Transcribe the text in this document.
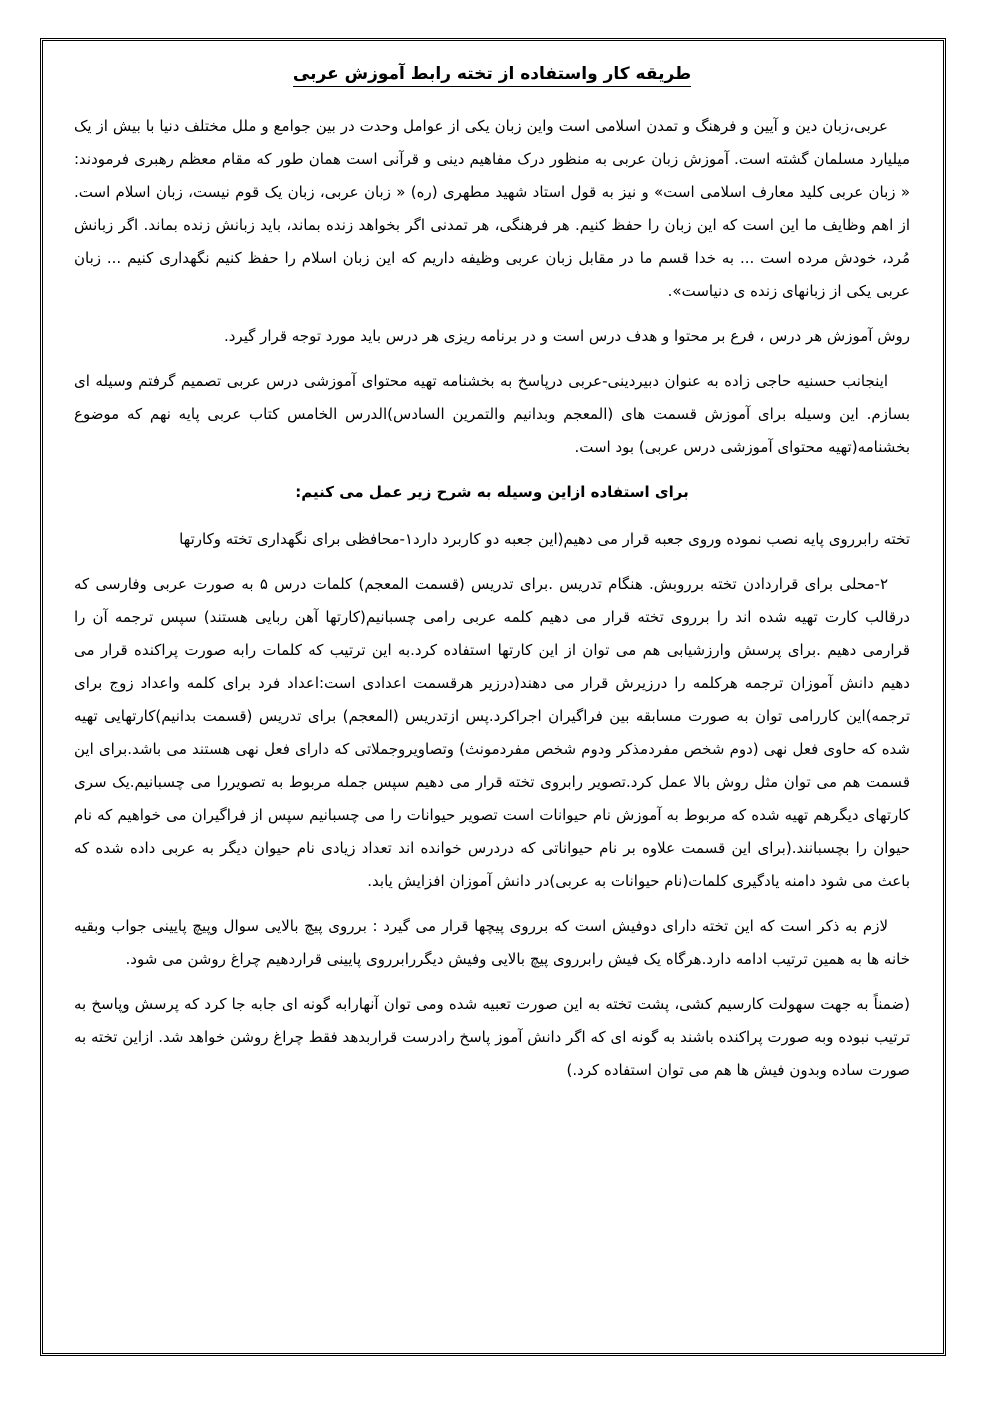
طریقه کار واستفاده از تخته رابط آموزش عربی

عربی،زبان دین و آیین و فرهنگ و تمدن اسلامی است واین زبان یکی از عوامل وحدت در بین جوامع و ملل مختلف دنیا با بیش از یک میلیارد مسلمان گشته است. آموزش زبان عربی به منظور درک مفاهیم دینی و قرآنی است همان طور که مقام معظم رهبری فرمودند: « زبان عربی کلید معارف اسلامی است» و نیز به قول استاد شهید مطهری (ره) « زبان عربی، زبان یک قوم نیست، زبان اسلام است. از اهم وظایف ما این است که این زبان را حفظ کنیم. هر فرهنگی، هر تمدنی اگر بخواهد زنده بماند، باید زبانش زنده بماند. اگر زبانش مُرد، خودش مرده است ... به خدا قسم ما در مقابل زبان عربی وظیفه داریم که این زبان اسلام را حفظ کنیم نگهداری کنیم ... زبان عربی یکی از زبانهای زنده ی دنیاست».

روش آموزش هر درس ، فرع بر محتوا و هدف درس است و در برنامه ریزی هر درس باید مورد توجه قرار گیرد.

اینجانب حسنیه حاجی زاده به عنوان دبیردینی-عربی درپاسخ به بخشنامه تهیه محتوای آموزشی درس عربی تصمیم گرفتم وسیله ای بسازم. این وسیله برای آموزش قسمت های (المعجم وبدانیم والتمرین السادس)الدرس الخامس کتاب عربی پایه نهم که موضوع بخشنامه(تهیه محتوای آموزشی درس عربی) بود است.

برای استفاده ازاین وسیله به شرح زیر عمل می کنیم:

تخته رابرروی پایه نصب نموده وروی جعبه قرار می دهیم(این جعبه دو کاربرد دارد۱-محافظی برای نگهداری تخته وکارتها

۲-محلی برای قراردادن تخته برروبش. هنگام تدریس .برای تدریس (قسمت المعجم) کلمات درس ۵ به صورت عربی وفارسی که درقالب کارت تهیه شده اند را برروی تخته قرار می دهیم کلمه عربی رامی چسبانیم(کارتها آهن ربایی هستند) سپس ترجمه آن را قرارمی دهیم .برای پرسش وارزشیابی هم می توان از این کارتها استفاده کرد.به این ترتیب که کلمات رابه صورت پراکنده قرار می دهیم دانش آموزان ترجمه هرکلمه را درزیرش قرار می دهند(درزیر هرقسمت اعدادی است:اعداد فرد برای کلمه واعداد زوج برای ترجمه)این کاررامی توان به صورت مسابقه بین فراگیران اجراکرد.پس ازتدریس (المعجم) برای تدریس (قسمت بدانیم)کارتهایی تهیه شده که حاوی فعل نهی (دوم شخص مفردمذکر ودوم شخص مفردمونث) وتصاویروجملاتی که دارای فعل نهی هستند می باشد.برای این قسمت هم می توان مثل روش بالا عمل کرد.تصویر رابروی تخته قرار می دهیم سپس جمله مربوط به تصویررا می چسبانیم.یک سری کارتهای دیگرهم تهیه شده که مربوط به آموزش نام حیوانات است تصویر حیوانات را می چسبانیم سپس از فراگیران می خواهیم که نام حیوان را بچسبانند.(برای این قسمت علاوه بر نام حیواناتی که دردرس خوانده اند تعداد زیادی نام حیوان دیگر به عربی داده شده که باعث می شود دامنه یادگیری کلمات(نام حیوانات به عربی)در دانش آموزان افزایش یابد.

لازم به ذکر است که این تخته دارای دوفیش است که برروی پیچها قرار می گیرد : برروی پیچ بالایی سوال وپیچ پایینی جواب وبقیه خانه ها به همین ترتیب ادامه دارد.هرگاه یک فیش رابرروی پیچ بالایی وفیش دیگررابرروی پایینی قراردهیم چراغ روشن می شود.

(ضمناً به جهت سهولت کارسیم کشی، پشت تخته به این صورت تعبیه شده ومی توان آنهارابه گونه ای جابه جا کرد که پرسش وپاسخ به ترتیب نبوده وبه صورت پراکنده باشند به گونه ای که اگر دانش آموز پاسخ رادرست قراربدهد فقط چراغ روشن خواهد شد. ازاین تخته به صورت ساده وبدون فیش ها هم می توان استفاده کرد.)
